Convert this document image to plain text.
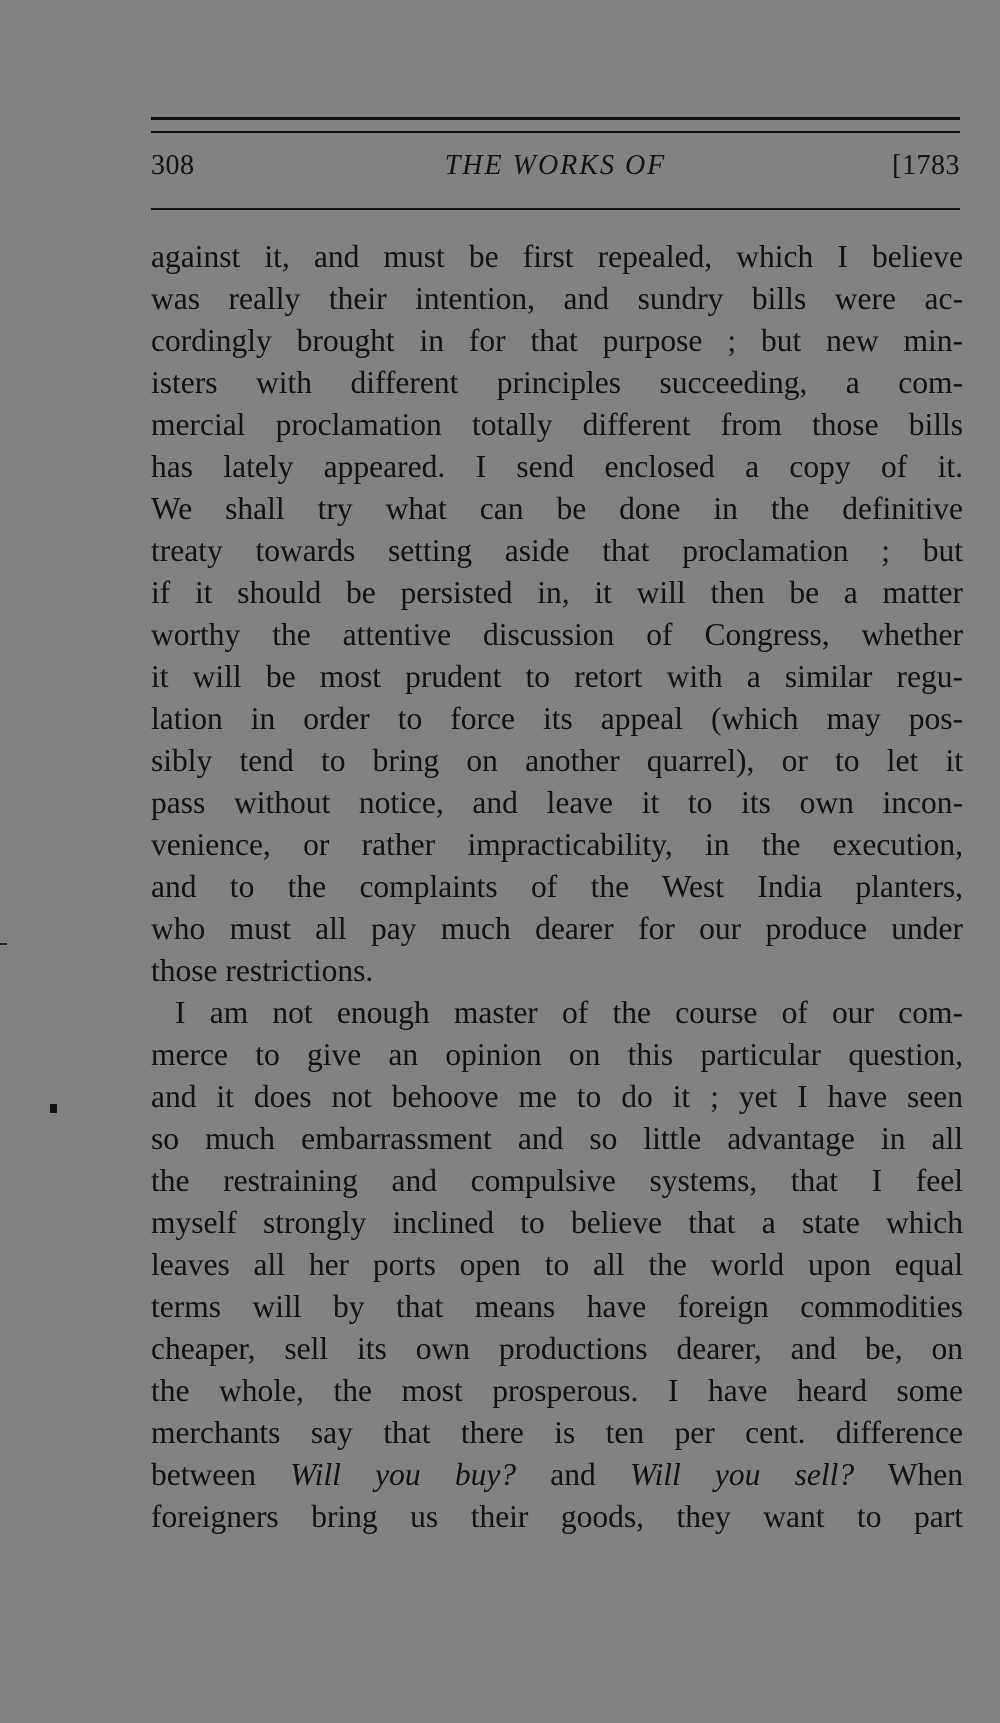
308	THE WORKS OF	[1783
against it, and must be first repealed, which I believe
was really their intention, and sundry bills were ac-
cordingly brought in for that purpose ; but new min-
isters with different principles succeeding, a com-
mercial proclamation totally different from those bills
has lately appeared. I send enclosed a copy of it.
We shall try what can be done in the definitive
treaty towards setting aside that proclamation ; but
if it should be persisted in, it will then be a matter
worthy the attentive discussion of Congress, whether
it will be most prudent to retort with a similar regu-
lation in order to force its appeal (which may pos-
sibly tend to bring on another quarrel), or to let it
pass without notice, and leave it to its own incon-
venience, or rather impracticability, in the execution,
and to the complaints of the West India planters,
who must all pay much dearer for our produce under
those restrictions.
I am not enough master of the course of our com-
merce to give an opinion on this particular question,
and it does not behoove me to do it ; yet I have seen
so much embarrassment and so little advantage in all
the restraining and compulsive systems, that I feel
myself strongly inclined to believe that a state which
leaves all her ports open to all the world upon equal
terms will by that means have foreign commodities
cheaper, sell its own productions dearer, and be, on
the whole, the most prosperous. I have heard some
merchants say that there is ten per cent. difference
between Will you buy? and Will you sell? When
foreigners bring us their goods, they want to part
